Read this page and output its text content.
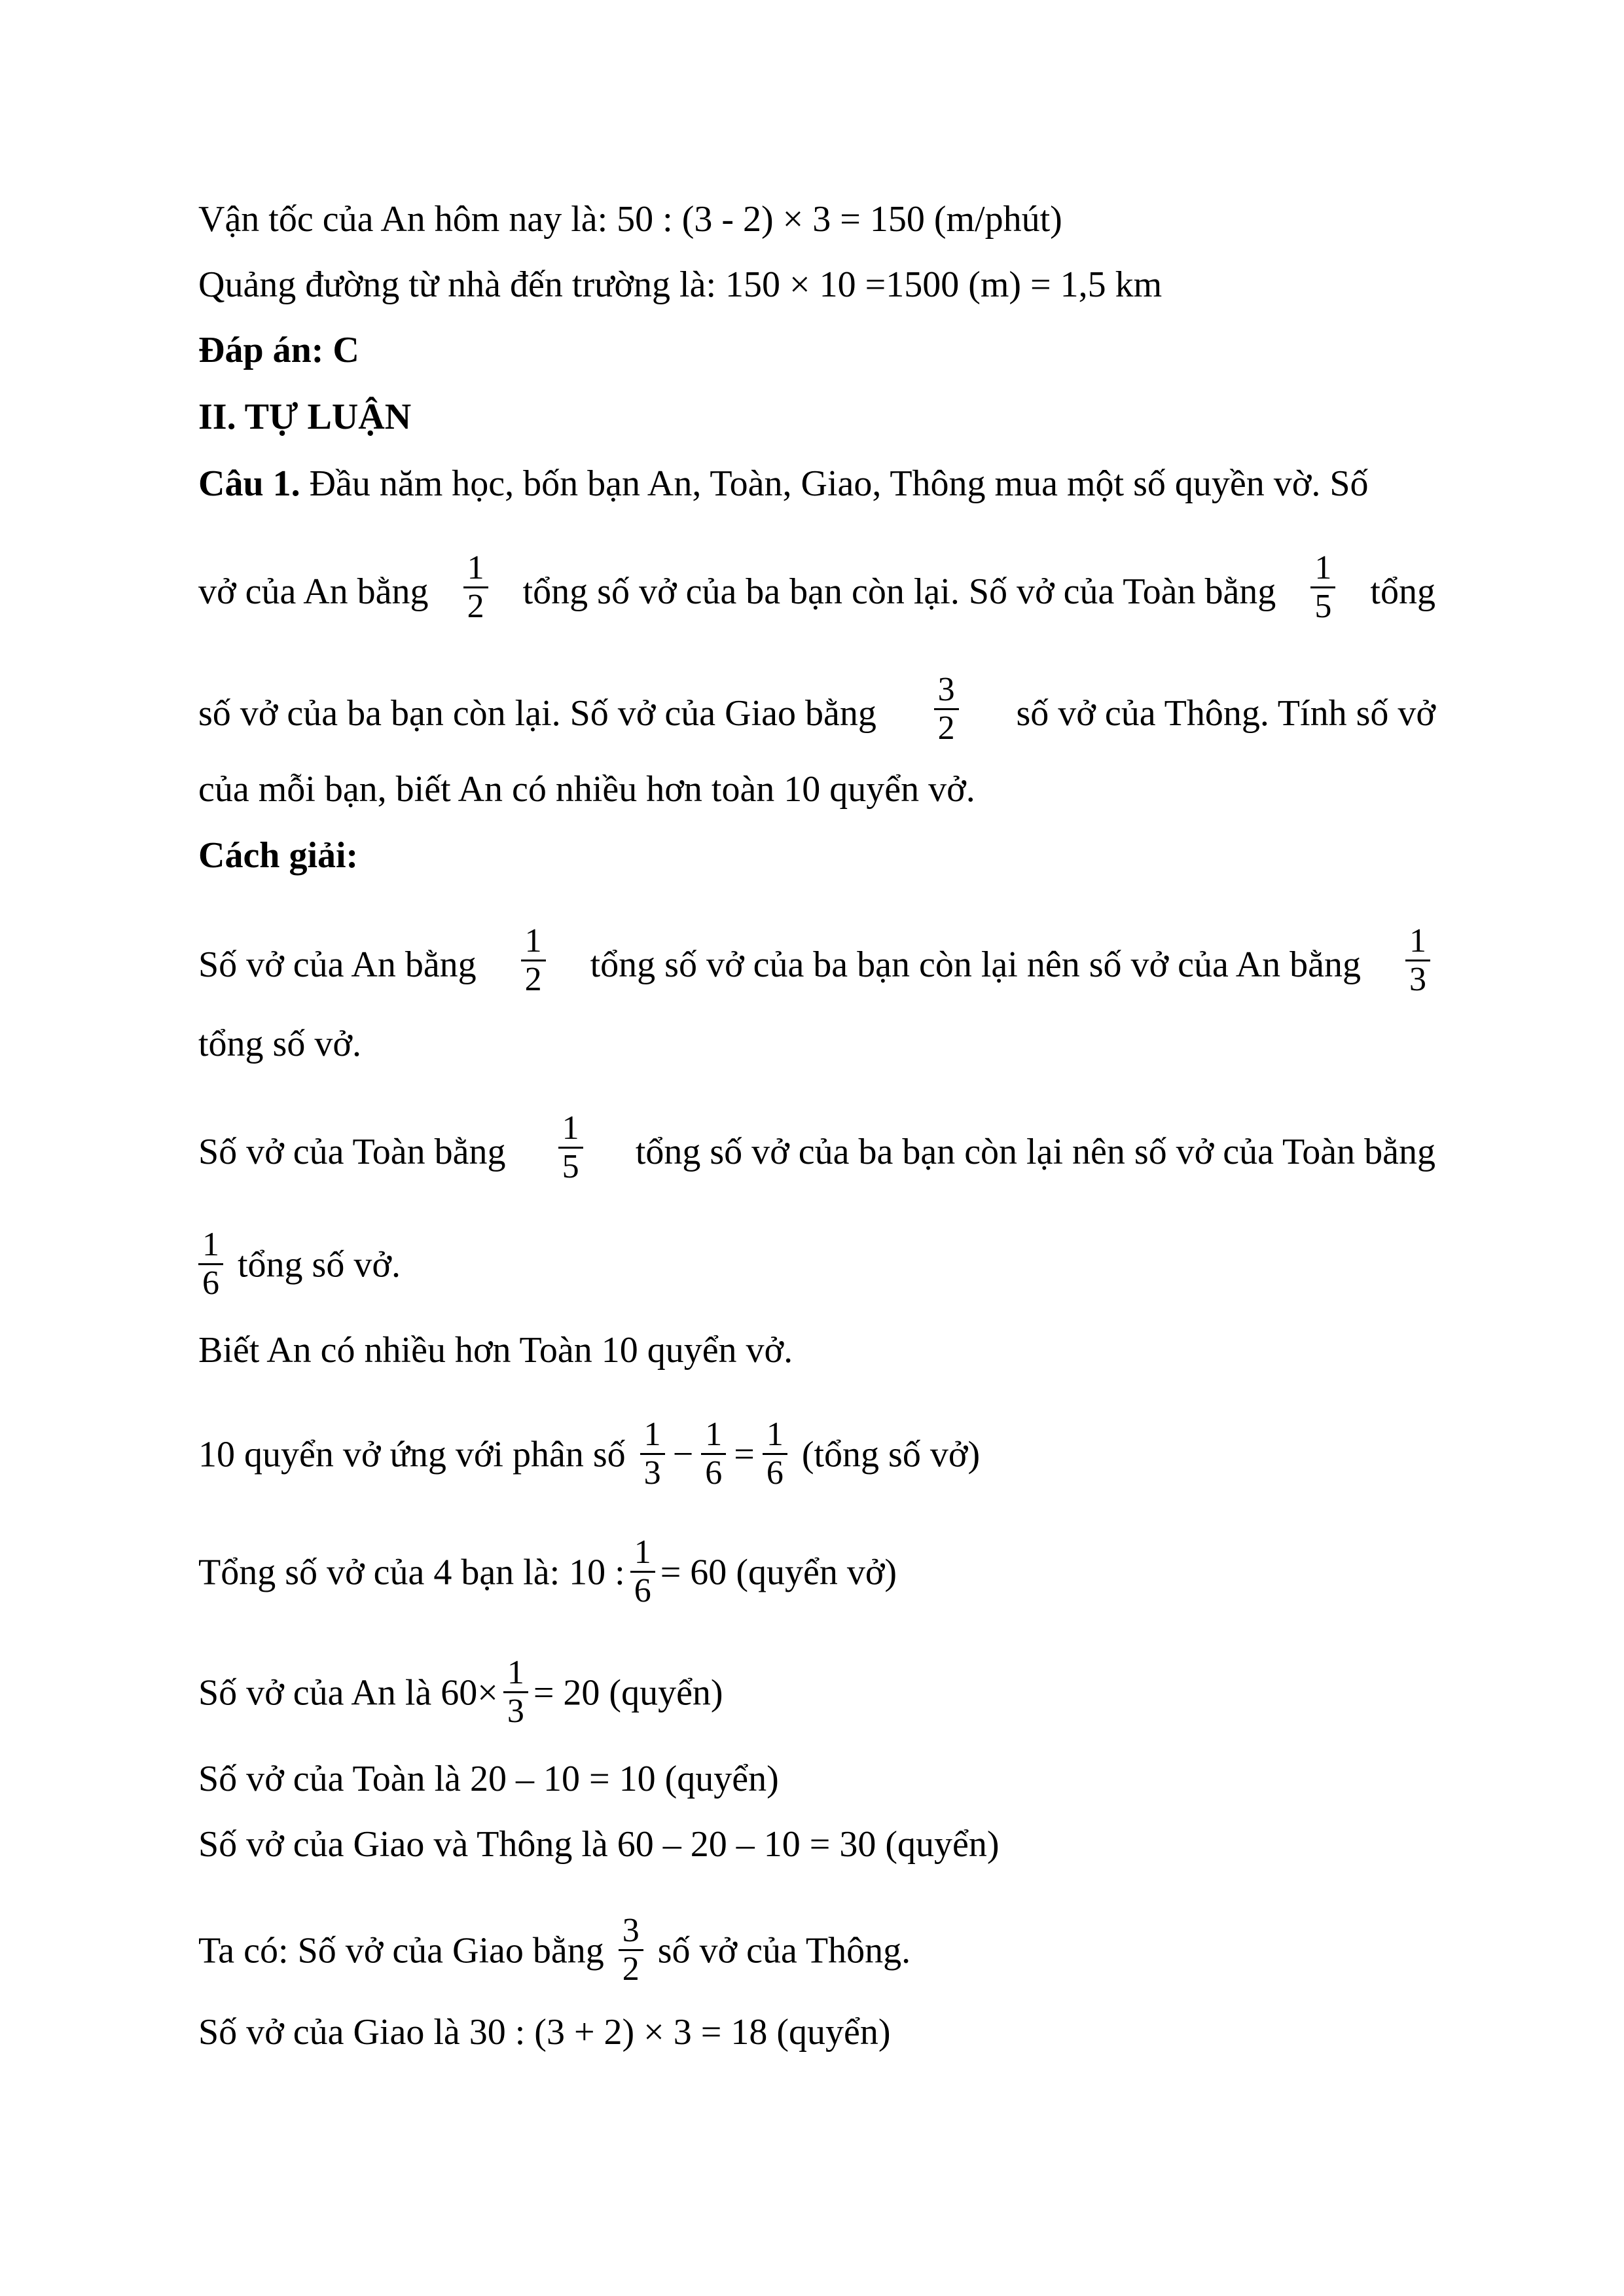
Vận tốc của An hôm nay là: 50 : (3 - 2) × 3 = 150 (m/phút)
Quảng đường từ nhà đến trường là: 150 × 10 =1500 (m) = 1,5 km
Đáp án: C
II. TỰ LUẬN
Câu 1. Đầu năm học, bốn bạn An, Toàn, Giao, Thông mua một số quyền vờ. Số
vở của An bằng $\frac{1}{2}$ tổng số vở của ba bạn còn lại. Số vở của Toàn bằng $\frac{1}{5}$ tổng
số vở của ba bạn còn lại. Số vở của Giao bằng $\frac{3}{2}$ số vở của Thông. Tính số vở
của mỗi bạn, biết An có nhiều hơn toàn 10 quyển vở.
Cách giải:
Số vở của An bằng $\frac{1}{2}$ tổng số vở của ba bạn còn lại nên số vở của An bằng $\frac{1}{3}$
tổng số vở.
Số vở của Toàn bằng $\frac{1}{5}$ tổng số vở của ba bạn còn lại nên số vở của Toàn bằng
$\frac{1}{6}$ tổng số vở.
Biết An có nhiều hơn Toàn 10 quyển vở.
10 quyển vở ứng với phân số $\frac{1}{3} - \frac{1}{6} = \frac{1}{6}$ (tổng số vở)
Tổng số vở của 4 bạn là: 10 : $\frac{1}{6} = 60$ (quyển vở)
Số vở của An là $60\times \frac{1}{3} = 20$ (quyển)
Số vở của Toàn là 20 – 10 = 10 (quyển)
Số vở của Giao và Thông là 60 – 20 – 10 = 30 (quyển)
Ta có: Số vở của Giao bằng $\frac{3}{2}$ số vở của Thông.
Số vở của Giao là 30 : (3 + 2) × 3 = 18 (quyển)
